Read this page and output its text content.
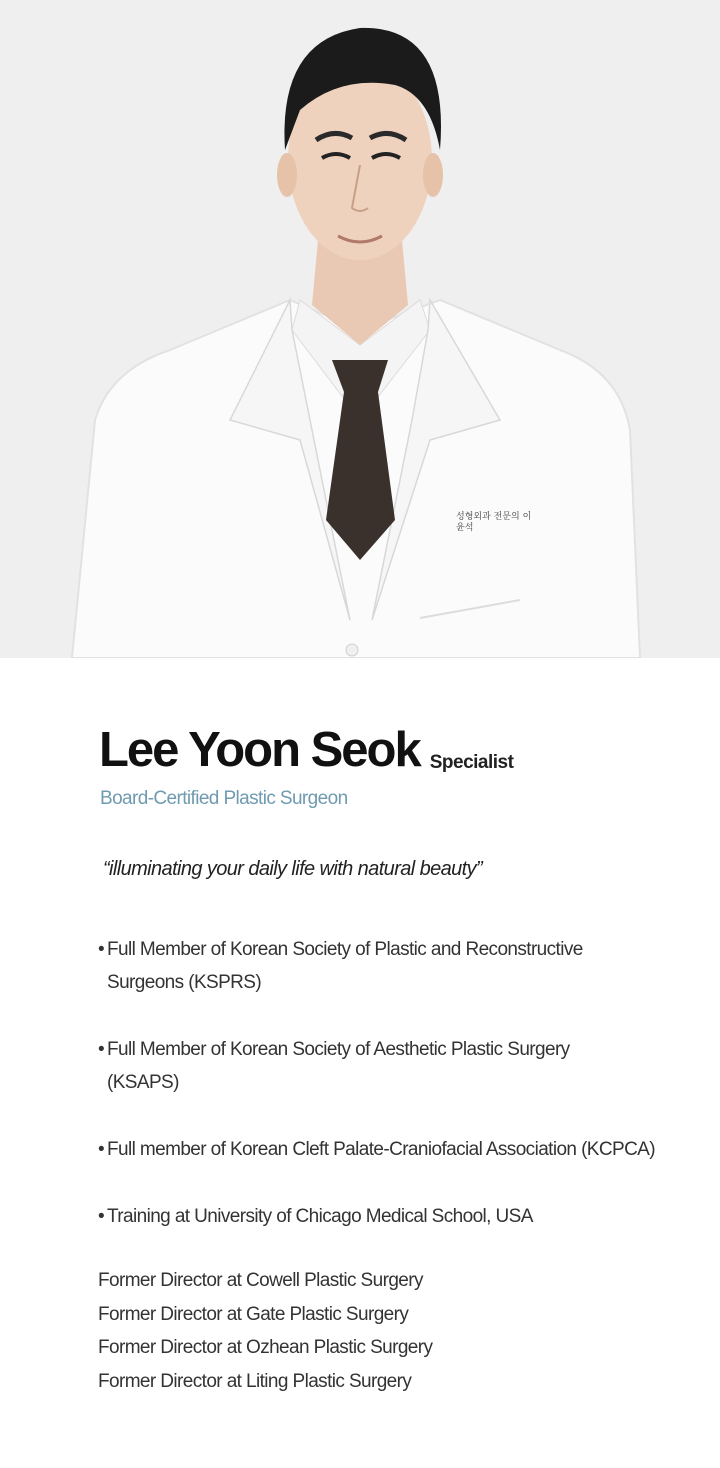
성형외과 전문의 이윤석
Lee Yoon Seok Specialist
Board-Certified Plastic Surgeon
“illuminating your daily life with natural beauty”
• Full Member of Korean Society of Plastic and Reconstructive Surgeons (KSPRS)
• Full Member of Korean Society of Aesthetic Plastic Surgery (KSAPS)
• Full member of Korean Cleft Palate-Craniofacial Association (KCPCA)
• Training at University of Chicago Medical School, USA
Former Director at Cowell Plastic Surgery
Former Director at Gate Plastic Surgery
Former Director at Ozhean Plastic Surgery
Former Director at Liting Plastic Surgery
